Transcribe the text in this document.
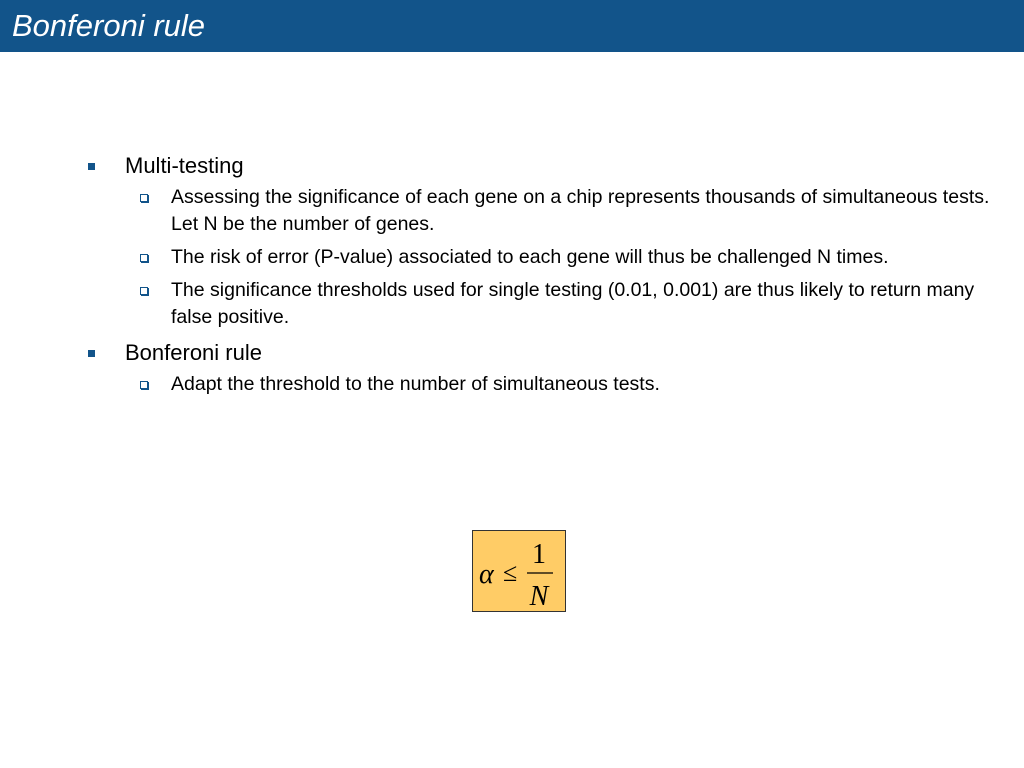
Bonferoni rule
Multi-testing
Assessing the significance of each gene on a chip represents thousands of simultaneous tests. Let N be the number of genes.
The risk of error (P-value) associated to each gene will thus be challenged N times.
The significance thresholds used for single testing (0.01, 0.001) are thus likely to return many false positive.
Bonferoni rule
Adapt the threshold to the number of simultaneous tests.
α ≤
1
N
